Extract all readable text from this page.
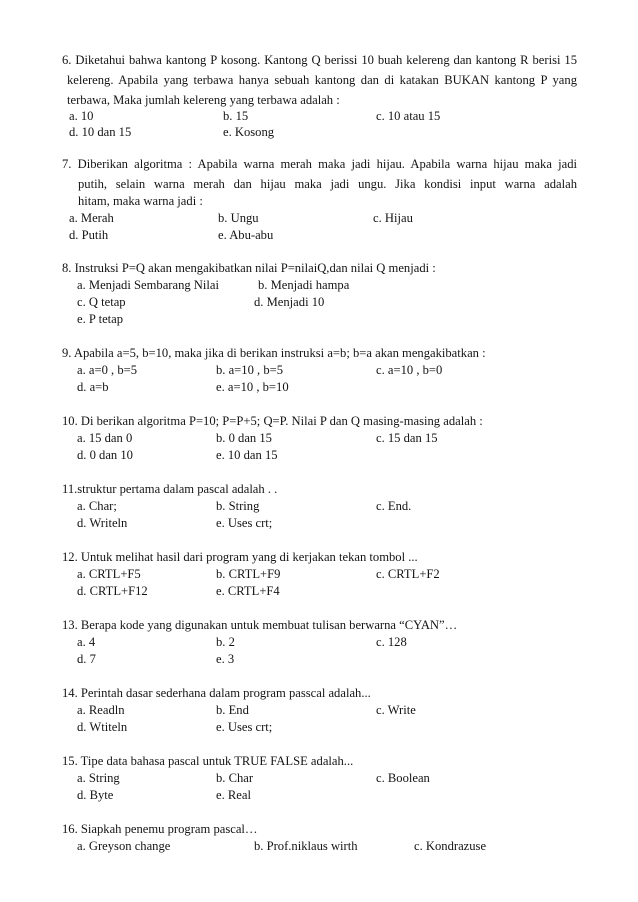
6. Diketahui bahwa kantong P kosong. Kantong Q berissi 10 buah kelereng dan kantong R berisi 15
kelereng. Apabila yang terbawa hanya sebuah kantong dan di katakan BUKAN kantong P yang
terbawa, Maka jumlah kelereng yang terbawa adalah :
a. 10	b. 15	c. 10 atau 15
d. 10 dan 15	e. Kosong
7. Diberikan algoritma : Apabila warna merah maka jadi hijau. Apabila warna hijau maka jadi
putih, selain warna merah dan hijau maka jadi ungu. Jika kondisi input warna adalah
hitam, maka warna jadi :
a. Merah	b. Ungu	c. Hijau
d. Putih	e. Abu-abu
8. Instruksi P=Q akan mengakibatkan nilai P=nilaiQ,dan nilai Q menjadi :
a. Menjadi Sembarang Nilai	b. Menjadi hampa
c. Q tetap	d. Menjadi 10
e. P tetap
9. Apabila a=5, b=10, maka jika di berikan instruksi a=b; b=a akan mengakibatkan :
a. a=0 , b=5	b. a=10 , b=5	c. a=10 , b=0
d. a=b	e. a=10 , b=10
10. Di berikan algoritma P=10; P=P+5; Q=P. Nilai P dan Q masing-masing adalah :
a. 15 dan 0	b. 0 dan 15	c. 15 dan 15
d. 0 dan 10	e. 10 dan 15
11.struktur pertama dalam pascal adalah . .
a. Char;	b. String	c. End.
d. Writeln	e. Uses crt;
12. Untuk melihat hasil dari program yang di kerjakan tekan tombol ...
a. CRTL+F5	b. CRTL+F9	c. CRTL+F2
d. CRTL+F12	e. CRTL+F4
13. Berapa kode yang digunakan untuk membuat tulisan berwarna “CYAN”…
a. 4	b. 2	c. 128
d. 7	e. 3
14. Perintah dasar sederhana dalam program passcal adalah...
a. Readln	b. End	c. Write
d. Wtiteln	e. Uses crt;
15. Tipe data bahasa pascal untuk TRUE FALSE adalah...
a. String	b. Char	c. Boolean
d. Byte	e. Real
16. Siapkah penemu program pascal…
a. Greyson change	b. Prof.niklaus wirth	c. Kondrazuse
